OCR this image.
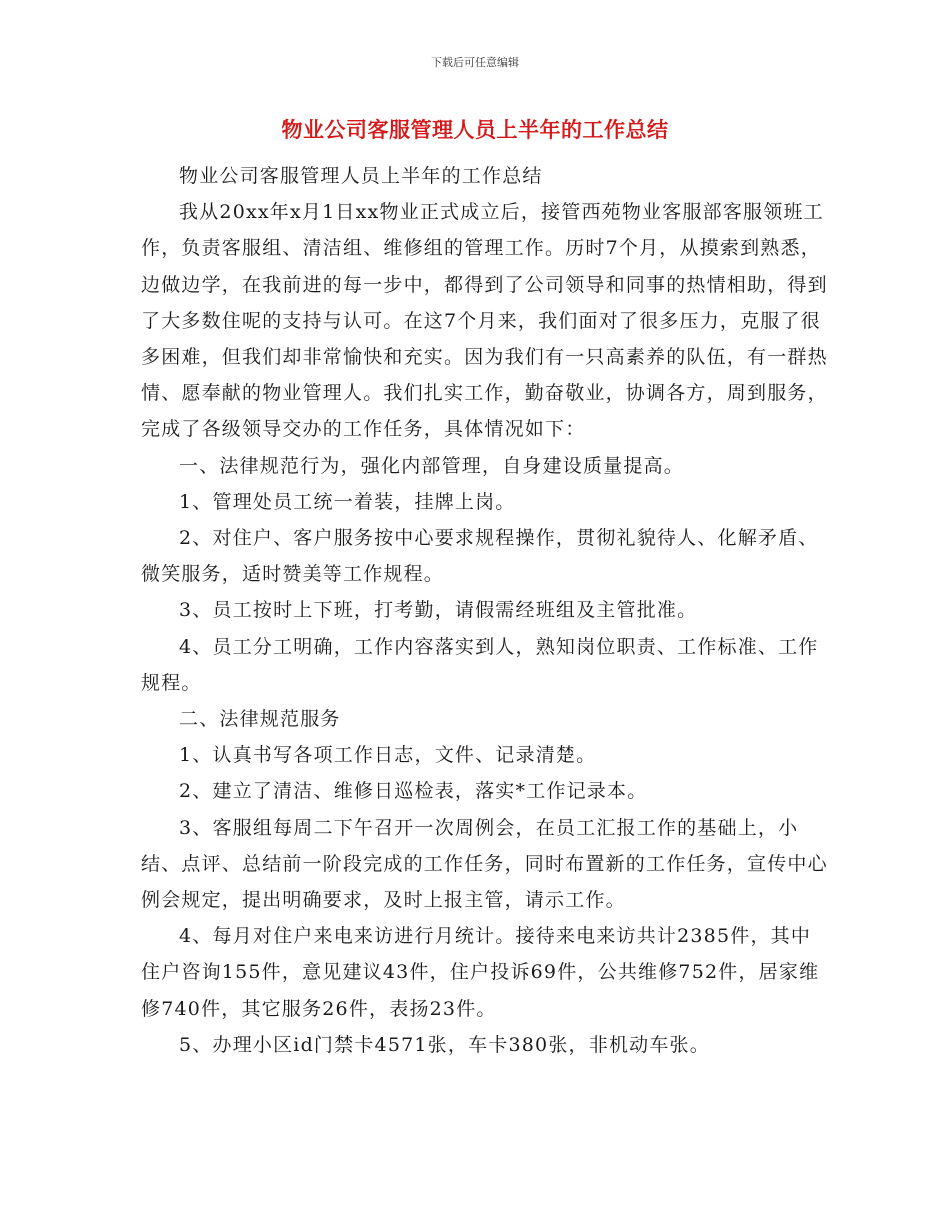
下载后可任意编辑
物业公司客服管理人员上半年的工作总结

物业公司客服管理人员上半年的工作总结

我从20xx年x月1日xx物业正式成立后，接管西苑物业客服部客服领班工作，负责客服组、清洁组、维修组的管理工作。历时7个月，从摸索到熟悉，边做边学，在我前进的每一步中，都得到了公司领导和同事的热情相助，得到了大多数住呢的支持与认可。在这7个月来，我们面对了很多压力，克服了很多困难，但我们却非常愉快和充实。因为我们有一只高素养的队伍，有一群热情、愿奉献的物业管理人。我们扎实工作，勤奋敬业，协调各方，周到服务，完成了各级领导交办的工作任务，具体情况如下：

一、法律规范行为，强化内部管理，自身建设质量提高。

1、管理处员工统一着装，挂牌上岗。

2、对住户、客户服务按中心要求规程操作，贯彻礼貌待人、化解矛盾、微笑服务，适时赞美等工作规程。

3、员工按时上下班，打考勤，请假需经班组及主管批准。

4、员工分工明确，工作内容落实到人，熟知岗位职责、工作标准、工作规程。

二、法律规范服务

1、认真书写各项工作日志，文件、记录清楚。

2、建立了清洁、维修日巡检表，落实*工作记录本。

3、客服组每周二下午召开一次周例会，在员工汇报工作的基础上，小结、点评、总结前一阶段完成的工作任务，同时布置新的工作任务，宣传中心例会规定，提出明确要求，及时上报主管，请示工作。

4、每月对住户来电来访进行月统计。接待来电来访共计2385件，其中住户咨询155件，意见建议43件，住户投诉69件，公共维修752件，居家维修740件，其它服务26件，表扬23件。

5、办理小区id门禁卡4571张，车卡380张，非机动车张。
